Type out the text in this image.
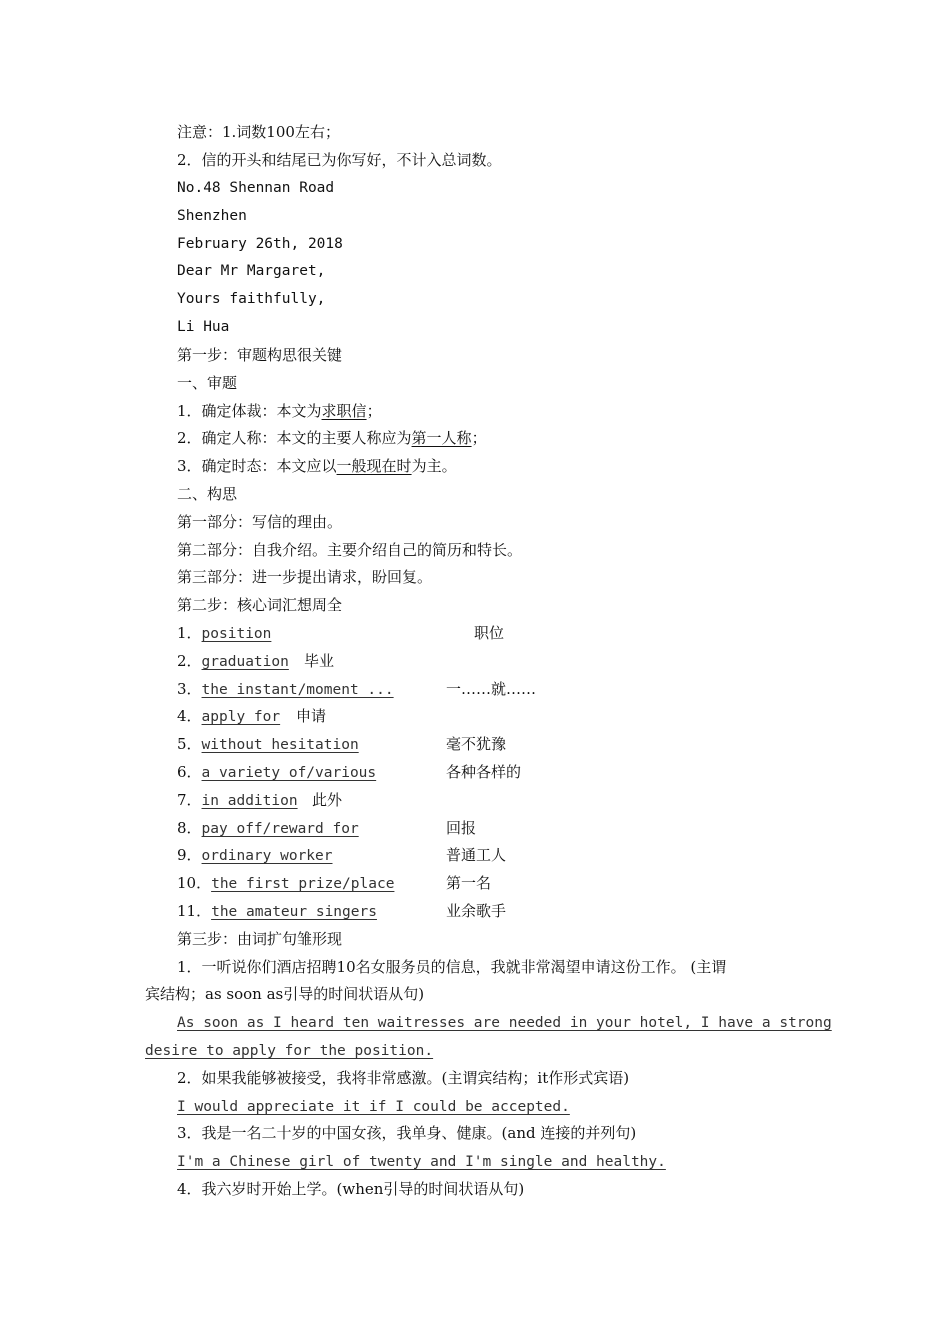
注意：1.词数100左右；
2．信的开头和结尾已为你写好，不计入总词数。
No.48 Shennan Road
Shenzhen
February 26th, 2018
Dear Mr Margaret,
Yours faithfully,
Li Hua
第一步：审题构思很关键
一、审题
1．确定体裁：本文为求职信；
2．确定人称：本文的主要人称应为第一人称；
3．确定时态：本文应以一般现在时为主。
二、构思
第一部分：写信的理由。
第二部分：自我介绍。主要介绍自己的简历和特长。
第三部分：进一步提出请求，盼回复。
第二步：核心词汇想周全
1．position	职位
2．graduation 毕业
3．the instant/moment ...	一……就……
4．apply for 申请
5．without hesitation	毫不犹豫
6．a variety of/various	各种各样的
7．in addition 此外
8．pay off/reward for	回报
9．ordinary worker	普通工人
10．the first prize/place	第一名
11．the amateur singers	业余歌手
第三步：由词扩句雏形现
1．一听说你们酒店招聘10名女服务员的信息，我就非常渴望申请这份工作。 (主谓
宾结构；as soon as引导的时间状语从句)
As soon as I heard ten waitresses are needed in your hotel, I have a strong
desire to apply for the position.
2．如果我能够被接受，我将非常感激。(主谓宾结构；it作形式宾语)
I would appreciate it if I could be accepted.
3．我是一名二十岁的中国女孩，我单身、健康。(and 连接的并列句)
I'm a Chinese girl of twenty and I'm single and healthy.
4．我六岁时开始上学。(when引导的时间状语从句)
